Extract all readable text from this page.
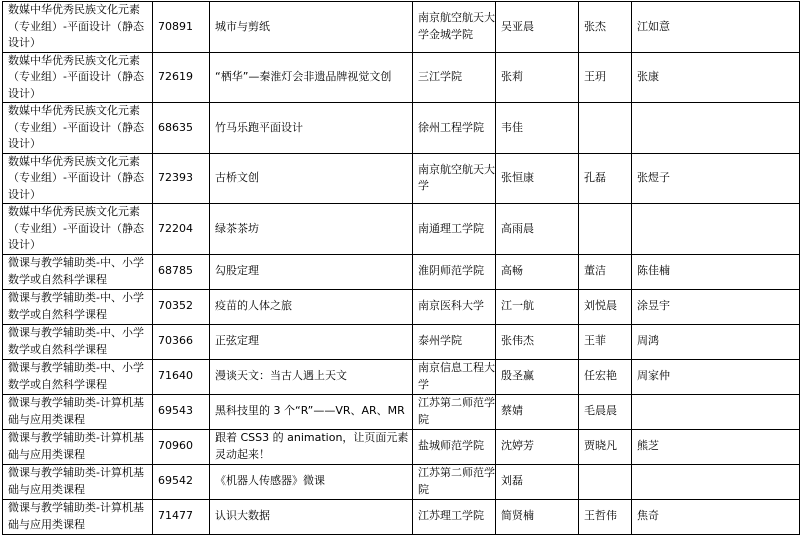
数媒中华优秀民族文化元素（专业组）-平面设计（静态设计）	70891	城市与剪纸	南京航空航天大学金城学院	吴亚晨	张杰	江如意
数媒中华优秀民族文化元素（专业组）-平面设计（静态设计）	72619	“栖华”—秦淮灯会非遗品牌视觉文创	三江学院	张莉	王玥	张康
数媒中华优秀民族文化元素（专业组）-平面设计（静态设计）	68635	竹马乐跑平面设计	徐州工程学院	韦佳		
数媒中华优秀民族文化元素（专业组）-平面设计（静态设计）	72393	古桥文创	南京航空航天大学	张恒康	孔磊	张煜子
数媒中华优秀民族文化元素（专业组）-平面设计（静态设计）	72204	绿茶茶坊	南通理工学院	高雨晨		
微课与教学辅助类-中、小学数学或自然科学课程	68785	勾股定理	淮阴师范学院	高畅	董洁	陈佳楠
微课与教学辅助类-中、小学数学或自然科学课程	70352	疫苗的人体之旅	南京医科大学	江一航	刘悦晨	涂昱宇
微课与教学辅助类-中、小学数学或自然科学课程	70366	正弦定理	泰州学院	张伟杰	王菲	周鸿
微课与教学辅助类-中、小学数学或自然科学课程	71640	漫谈天文：当古人遇上天文	南京信息工程大学	殷圣赢	任宏艳	周家仲
微课与教学辅助类-计算机基础与应用类课程	69543	黑科技里的 3 个“R”——VR、AR、MR	江苏第二师范学院	蔡婧	毛晨晨	
微课与教学辅助类-计算机基础与应用类课程	70960	跟着 CSS3 的 animation，让页面元素灵动起来！	盐城师范学院	沈婷芳	贾晓凡	熊芝
微课与教学辅助类-计算机基础与应用类课程	69542	《机器人传感器》微课	江苏第二师范学院	刘磊		
微课与教学辅助类-计算机基础与应用类课程	71477	认识大数据	江苏理工学院	简贤楠	王哲伟	焦奇
